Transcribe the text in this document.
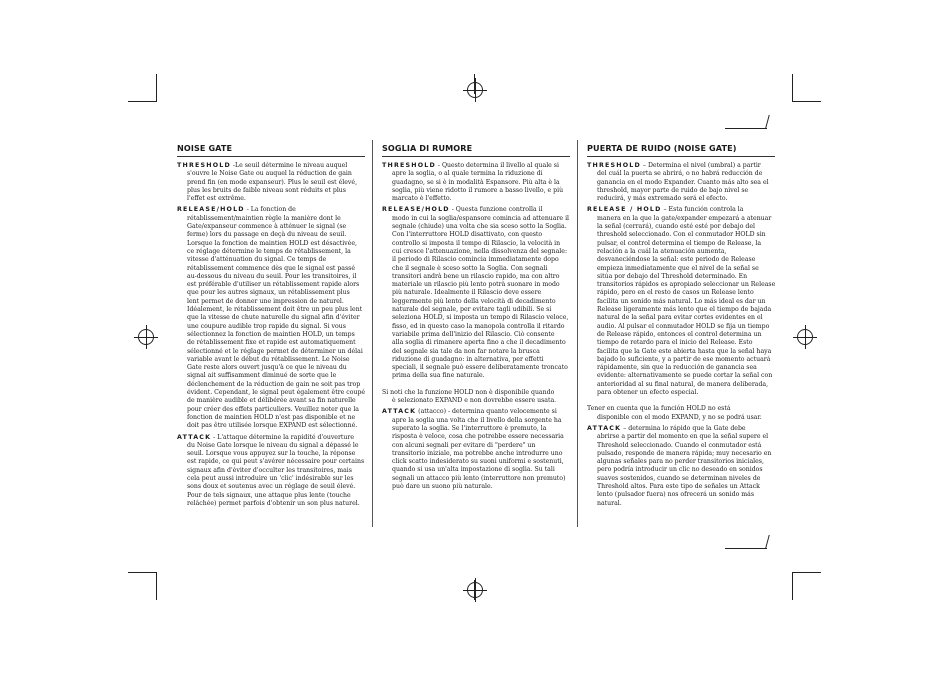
NOISE GATE

THRESHOLD -Le seuil détermine le niveau auquel

s'ouvre le Noise Gate ou auquel la réduction de gain

prend fin (en mode expanseur). Plus le seuil est élevé,

plus les bruits de faible niveau sont réduits et plus

l'effet est extrême.

RELEASE/HOLD - La fonction de

rétablissement/maintien règle la manière dont le

Gate/expanseur commence à atténuer le signal (se

ferme) lors du passage en deçà du niveau de seuil.

Lorsque la fonction de maintien HOLD est désactivée,

ce réglage détermine le temps de rétablissement, la

vitesse d'atténuation du signal. Ce temps de

rétablissement commence dès que le signal est passé

au-dessous du niveau du seuil. Pour les transitoires, il

est préférable d'utiliser un rétablissement rapide alors

que pour les autres signaux, un rétablissement plus

lent permet de donner une impression de naturel.

Idéalement, le rétablissement doit être un peu plus lent

que la vitesse de chute naturelle du signal afin d'éviter

une coupure audible trop rapide du signal. Si vous

sélectionnez la fonction de maintien HOLD, un temps

de rétablissement fixe et rapide est automatiquement

sélectionné et le réglage permet de déterminer un délai

variable avant le début du rétablissement. Le Noise

Gate reste alors ouvert jusqu'à ce que le niveau du

signal ait suffisamment diminué de sorte que le

déclenchement de la réduction de gain ne soit pas trop

évident. Cependant, le signal peut également être coupé

de manière audible et délibérée avant sa fin naturelle

pour créer des effets particuliers. Veuillez noter que la

fonction de maintien HOLD n'est pas disponible et ne

doit pas être utilisée lorsque EXPAND est sélectionné.

ATTACK - L'attaque détermine la rapidité d'ouverture

du Noise Gate lorsque le niveau du signal a dépassé le

seuil. Lorsque vous appuyez sur la touche, la réponse

est rapide, ce qui peut s'avérer nécessaire pour certains

signaux afin d'éviter d'occulter les transitoires, mais

cela peut aussi introduire un 'clic' indésirable sur les

sons doux et soutenus avec un réglage de seuil élevé.

Pour de tels signaux, une attaque plus lente (touche

relâchée) permet parfois d'obtenir un son plus naturel.

SOGLIA DI RUMORE

THRESHOLD - Questo determina il livello al quale si

apre la soglia, o al quale termina la riduzione di

guadagno, se si è in modalità Espansore. Più alta è la

soglia, più viene ridotto il rumore a basso livello, e più

marcato è l'effetto.

RELEASE/HOLD - Questa funzione controlla il

modo in cui la soglia/espansore comincia ad attenuare il

segnale (chiude) una volta che sia sceso sotto la Soglia.

Con l'interruttore HOLD disattivato, con questo

controllo si imposta il tempo di Rilascio, la velocità in

cui cresce l'attenuazione, nella dissolvenza del segnale:

il periodo di Rilascio comincia immediatamente dopo

che il segnale è sceso sotto la Soglia. Con segnali

transitori andrà bene un rilascio rapido, ma con altro

materiale un rilascio più lento potrà suonare in modo

più naturale. Idealmente il Rilascio deve essere

leggermente più lento della velocità di decadimento

naturale del segnale, per evitare tagli udibili. Se si

seleziona HOLD, si imposta un tempo di Rilascio veloce,

fisso, ed in questo caso la manopola controlla il ritardo

variabile prima dell'inizio del Rilascio. Ciò consente

alla soglia di rimanere aperta fino a che il decadimento

del segnale sia tale da non far notare la brusca

riduzione di guadagno: in alternativa, per effetti

speciali, il segnale può essere deliberatamente troncato

prima della sua fine naturale.

Si noti che la funzione HOLD non è disponibile quando

è selezionato EXPAND e non dovrebbe essere usata.

ATTACK (attacco) - determina quanto velocemente si

apre la soglia una volta che il livello della sorgente ha

superato la soglia. Se l'interruttore è premuto, la

risposta è veloce, cosa che potrebbe essere necessaria

con alcuni segnali per evitare di "perdere" un

transitorio iniziale, ma potrebbe anche introdurre uno

click scatto indesiderato su suoni uniformi e sostenuti,

quando si usa un'alta impostazione di soglia. Su tali

segnali un attacco più lento (interruttore non premuto)

può dare un suono più naturale.

PUERTA DE RUIDO (NOISE GATE)

THRESHOLD – Determina el nivel (umbral) a partir

del cuál la puerta se abrirá, o no habrá reducción de

ganancia en el modo Expander. Cuanto más alto sea el

threshold, mayor parte de ruido de bajo nivel se

reducirá, y más extremado será el efecto.

RELEASE / HOLD – Esta función controla la

manera en la que la gate/expander empezará a atenuar

la señal (cerrará), cuando esté esté por debajo del

threshold seleccionado. Con el conmutador HOLD sin

pulsar, el control determina el tiempo de Release, la

relación a la cuál la atenuación aumenta,

desvaneciéndose la señal: este periodo de Release

empieza inmediatamente que el nivel de la señal se

sitúa por debajo del Threshold determinado. En

transitorios rápidos es apropiado seleccionar un Release

rápido, pero en el resto de casos un Release lento

facilita un sonido más natural. Lo más ideal es dar un

Release ligeramente más lento que el tiempo de bajada

natural de la señal para evitar cortes evidentes en el

audio. Al pulsar el conmutador HOLD se fija un tiempo

de Release rápido, entonces el control determina un

tiempo de retardo para el inicio del Release. Esto

facilita que la Gate este abierta hasta que la señal haya

bajado lo suficiente, y a partir de ese momento actuará

rápidamente, sin que la reducción de ganancia sea

evidente: alternativamente se puede cortar la señal con

anterioridad al su final natural, de manera deliberada,

para obtener un efecto especial.

Tener en cuenta que la función HOLD no está

disponible con el modo EXPAND, y no se podrá usar.

ATTACK – determina lo rápido que la Gate debe

abrirse a partir del momento en que la señal supere el

Threshold seleccionado. Cuando el conmutador está

pulsado, responde de manera rápida; muy necesario en

algunas señales para no perder transitorios iniciales,

pero podría introducir un clic no deseado en sonidos

suaves sostenidos, cuando se determinan niveles de

Threshold altos. Para este tipo de señales un Attack

lento (pulsador fuera) nos ofrecerá un sonido más

natural.
